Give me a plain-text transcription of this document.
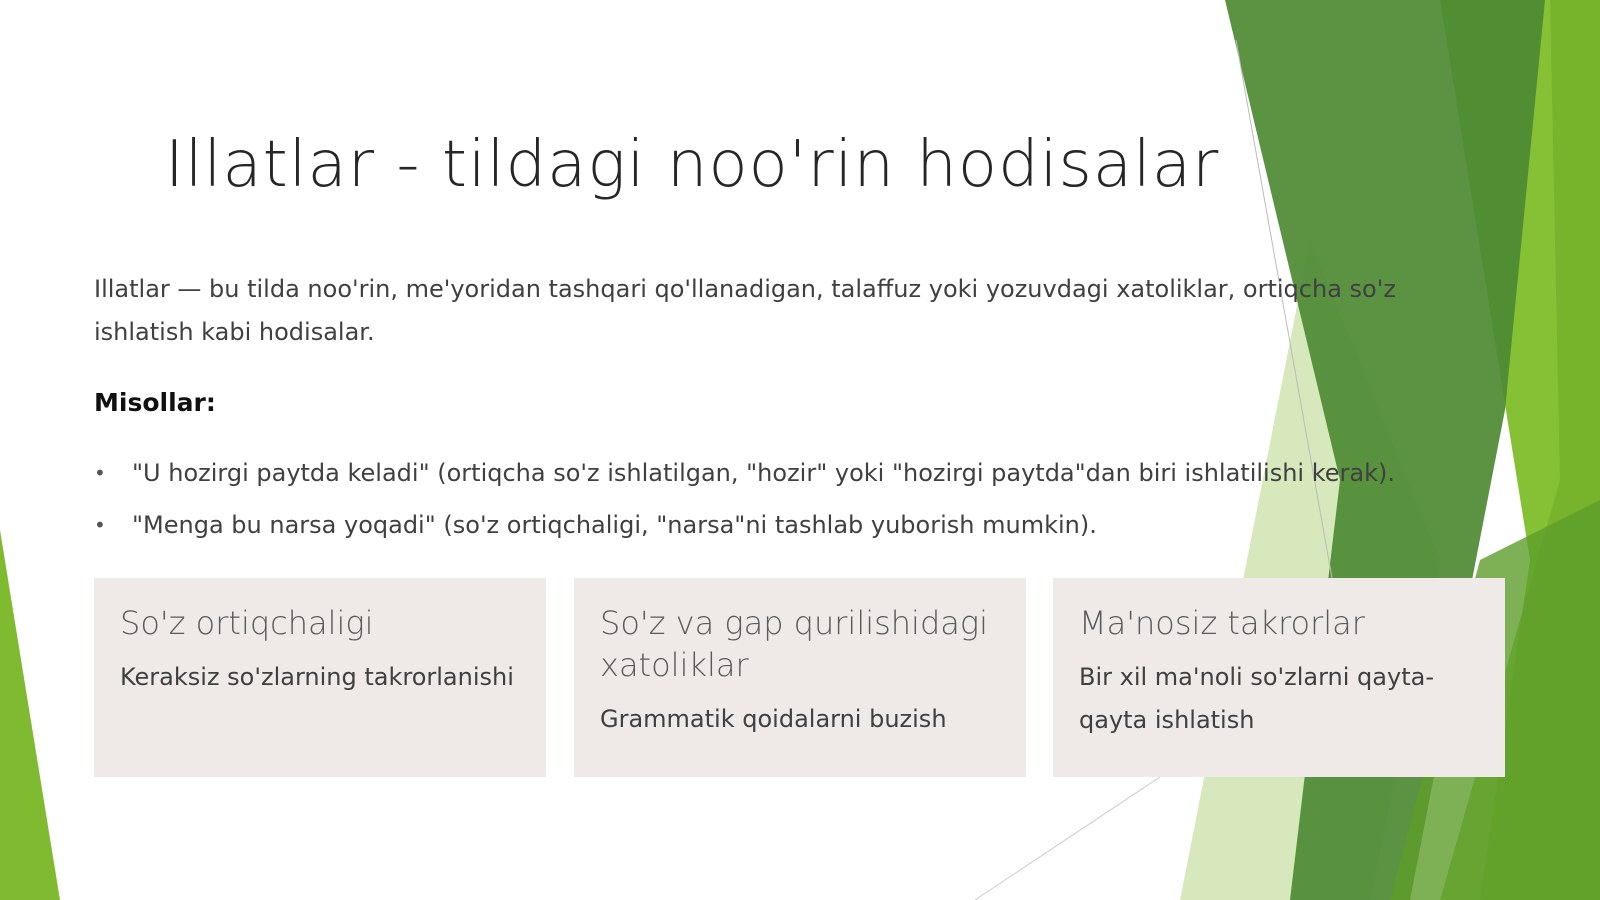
Illatlar - tildagi noo'rin hodisalar

Illatlar — bu tilda noo'rin, me'yoridan tashqari qo'llanadigan, talaffuz yoki yozuvdagi xatoliklar, ortiqcha so'z ishlatish kabi hodisalar.

Misollar:

• "U hozirgi paytda keladi" (ortiqcha so'z ishlatilgan, "hozir" yoki "hozirgi paytda"dan biri ishlatilishi kerak).
• "Menga bu narsa yoqadi" (so'z ortiqchaligi, "narsa"ni tashlab yuborish mumkin).

So'z ortiqchaligi

Keraksiz so'zlarning takrorlanishi

So'z va gap qurilishidagi xatoliklar

Grammatik qoidalarni buzish

Ma'nosiz takrorlar

Bir xil ma'noli so'zlarni qayta-qayta ishlatish
